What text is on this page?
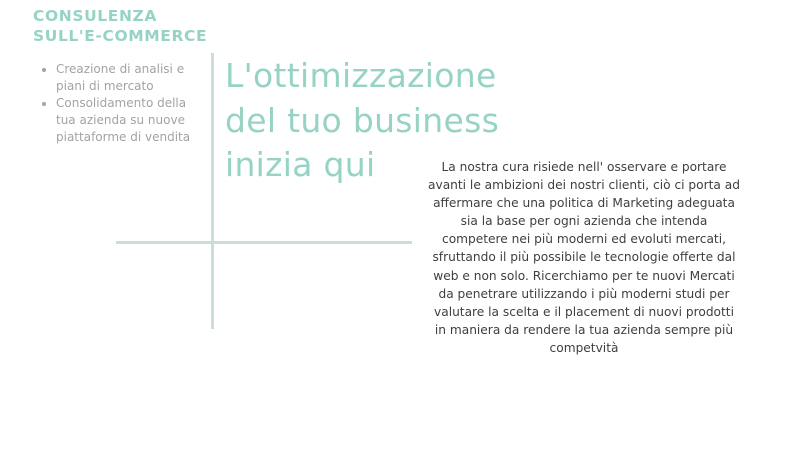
CONSULENZA
SULL'E-COMMERCE
Creazione di analisi e
piani di mercato
Consolidamento della
tua azienda su nuove
piattaforme di vendita
L'ottimizzazione
del tuo business
inizia qui	La nostra cura risiede nell' osservare e portare
avanti le ambizioni dei nostri clienti, ciò ci porta ad
affermare che una politica di Marketing adeguata
sia la base per ogni azienda che intenda
competere nei più moderni ed evoluti mercati,
sfruttando il più possibile le tecnologie offerte dal
web e non solo. Ricerchiamo per te nuovi Mercati
da penetrare utilizzando i più moderni studi per
valutare la scelta e il placement di nuovi prodotti
in maniera da rendere la tua azienda sempre più
competvità
